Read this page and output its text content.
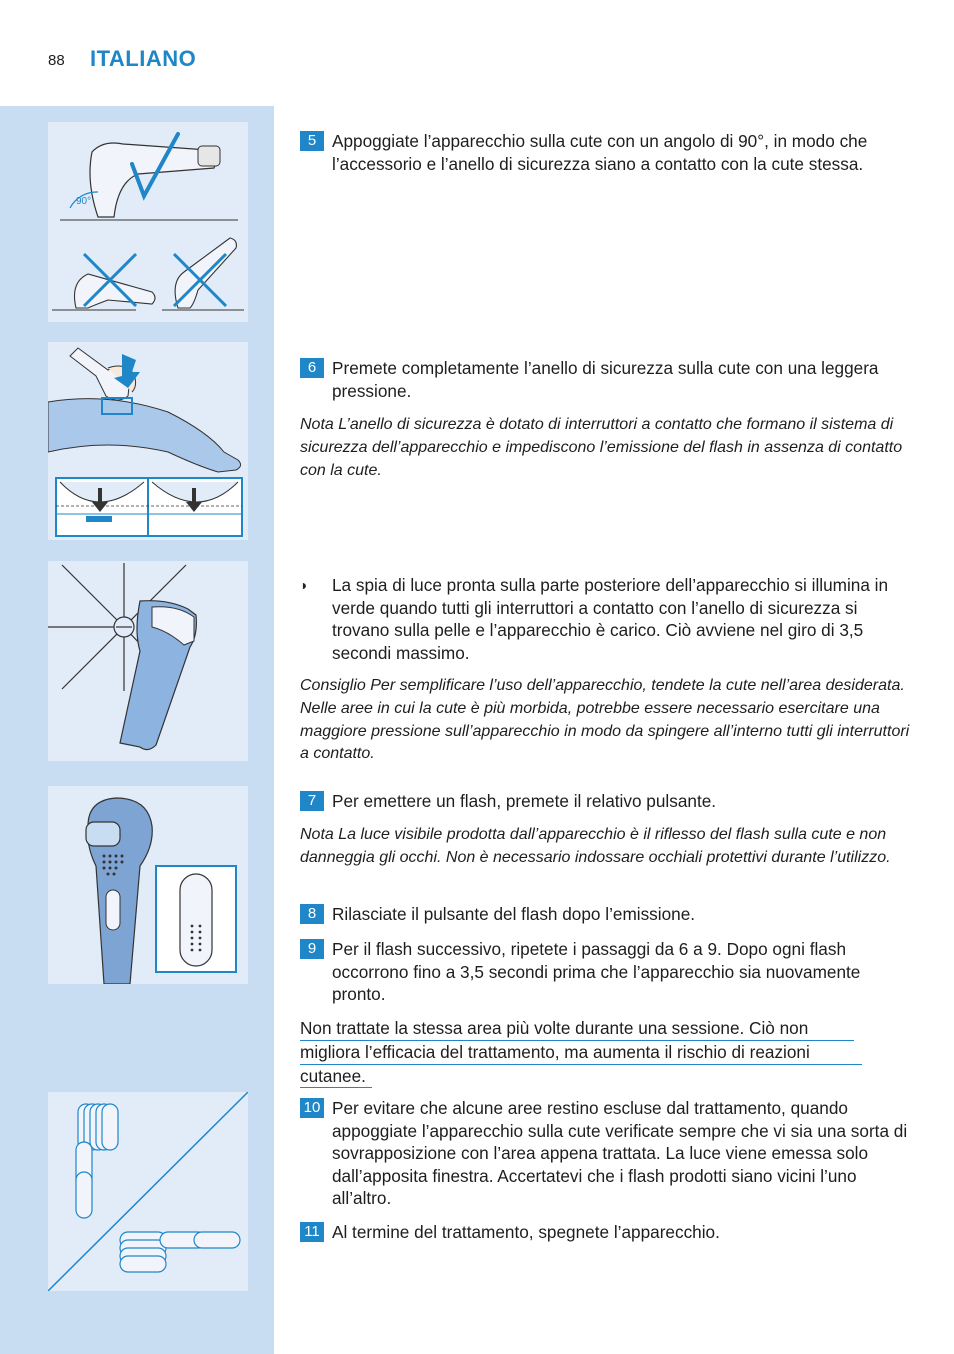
88 ITALIANO
90°
5 Appoggiate l’apparecchio sulla cute con un angolo di 90°, in modo che l’accessorio e l’anello di sicurezza siano a contatto con la cute stessa.
6 Premete completamente l’anello di sicurezza sulla cute con una leggera pressione.
Nota L’anello di sicurezza è dotato di interruttori a contatto che formano il sistema di sicurezza dell’apparecchio e impediscono l’emissione del flash in assenza di contatto con la cute.
◗	La spia di luce pronta sulla parte posteriore dell’apparecchio si illumina in verde quando tutti gli interruttori a contatto con l’anello di sicurezza si trovano sulla pelle e l’apparecchio è carico. Ciò avviene nel giro di 3,5 secondi massimo.
Consiglio Per semplificare l’uso dell’apparecchio, tendete la cute nell’area desiderata. Nelle aree in cui la cute è più morbida, potrebbe essere necessario esercitare una maggiore pressione sull’apparecchio in modo da spingere all’interno tutti gli interruttori a contatto.
7 Per emettere un flash, premete il relativo pulsante.
Nota La luce visibile prodotta dall’apparecchio è il riflesso del flash sulla cute e non danneggia gli occhi. Non è necessario indossare occhiali protettivi durante l’utilizzo.
8 Rilasciate il pulsante del flash dopo l’emissione.
9 Per il flash successivo, ripetete i passaggi da 6 a 9. Dopo ogni flash occorrono fino a 3,5 secondi prima che l’apparecchio sia nuovamente pronto.
Non trattate la stessa area più volte durante una sessione. Ciò non
migliora l’efficacia del trattamento, ma aumenta il rischio di reazioni
cutanee.
10 Per evitare che alcune aree restino escluse dal trattamento, quando appoggiate l’apparecchio sulla cute verificate sempre che vi sia una sorta di sovrapposizione con l’area appena trattata. La luce viene emessa solo dall’apposita finestra. Accertatevi che i flash prodotti siano vicini l’uno all’altro.
11 Al termine del trattamento, spegnete l’apparecchio.
